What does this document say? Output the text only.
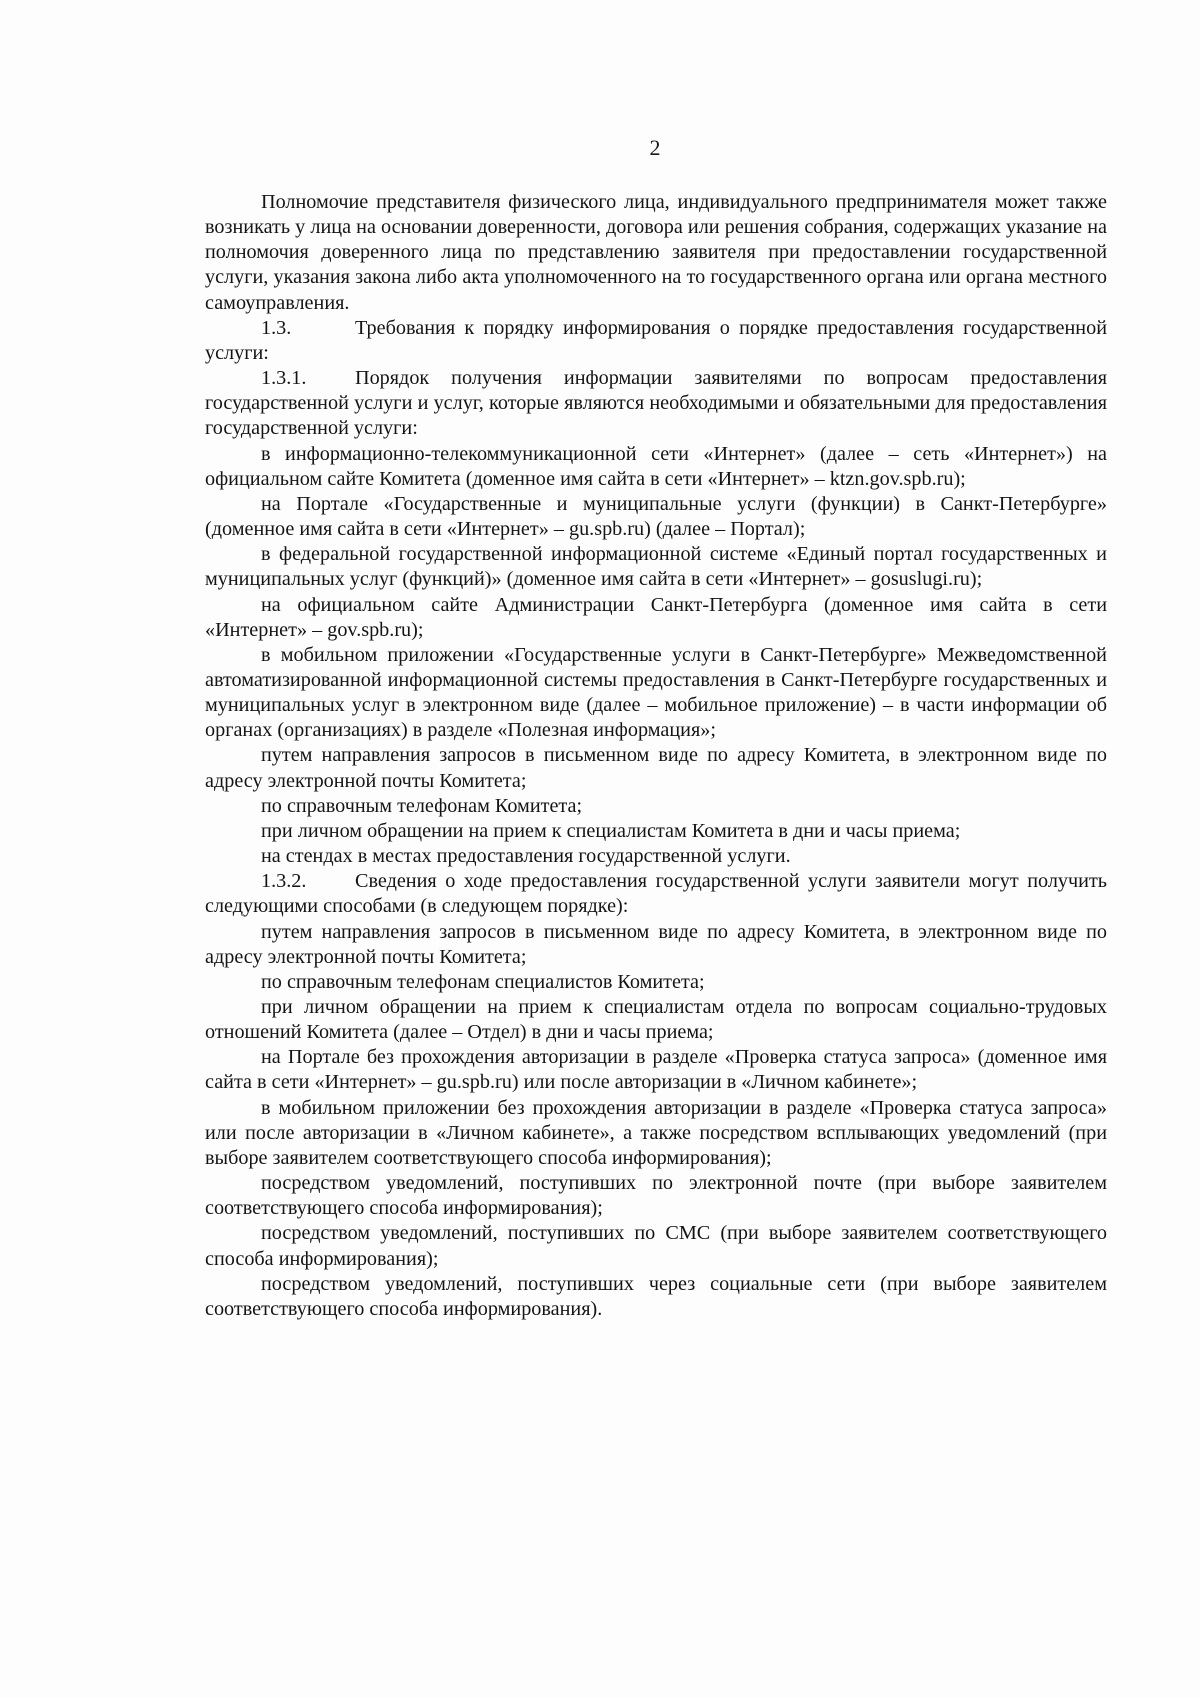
2

Полномочие представителя физического лица, индивидуального предпринимателя может также возникать у лица на основании доверенности, договора или решения собрания, содержащих указание на полномочия доверенного лица по представлению заявителя при предоставлении государственной услуги, указания закона либо акта уполномоченного на то государственного органа или органа местного самоуправления.

1.3.	Требования к порядку информирования о порядке предоставления государственной услуги:

1.3.1. Порядок получения информации заявителями по вопросам предоставления государственной услуги и услуг, которые являются необходимыми и обязательными для предоставления государственной услуги:

в информационно-телекоммуникационной сети «Интернет» (далее – сеть «Интернет») на официальном сайте Комитета (доменное имя сайта в сети «Интернет» – ktzn.gov.spb.ru);

на Портале «Государственные и муниципальные услуги (функции) в Санкт-Петербурге» (доменное имя сайта в сети «Интернет» – gu.spb.ru) (далее – Портал);

в федеральной государственной информационной системе «Единый портал государственных и муниципальных услуг (функций)» (доменное имя сайта в сети «Интернет» – gosuslugi.ru);

на официальном сайте Администрации Санкт-Петербурга (доменное имя сайта в сети «Интернет» – gov.spb.ru);

в мобильном приложении «Государственные услуги в Санкт-Петербурге» Межведомственной автоматизированной информационной системы предоставления в Санкт-Петербурге государственных и муниципальных услуг в электронном виде (далее – мобильное приложение) – в части информации об органах (организациях) в разделе «Полезная информация»;

путем направления запросов в письменном виде по адресу Комитета, в электронном виде по адресу электронной почты Комитета;

по справочным телефонам Комитета;

при личном обращении на прием к специалистам Комитета в дни и часы приема;

на стендах в местах предоставления государственной услуги.

1.3.2. Сведения о ходе предоставления государственной услуги заявители могут получить следующими способами (в следующем порядке):

путем направления запросов в письменном виде по адресу Комитета, в электронном виде по адресу электронной почты Комитета;

по справочным телефонам специалистов Комитета;

при личном обращении на прием к специалистам отдела по вопросам социально-трудовых отношений Комитета (далее – Отдел) в дни и часы приема;

на Портале без прохождения авторизации в разделе «Проверка статуса запроса» (доменное имя сайта в сети «Интернет» – gu.spb.ru) или после авторизации в «Личном кабинете»;

в мобильном приложении без прохождения авторизации в разделе «Проверка статуса запроса» или после авторизации в «Личном кабинете», а также посредством всплывающих уведомлений (при выборе заявителем соответствующего способа информирования);

посредством уведомлений, поступивших по электронной почте (при выборе заявителем соответствующего способа информирования);

посредством уведомлений, поступивших по СМС (при выборе заявителем соответствующего способа информирования);

посредством уведомлений, поступивших через социальные сети (при выборе заявителем соответствующего способа информирования).
